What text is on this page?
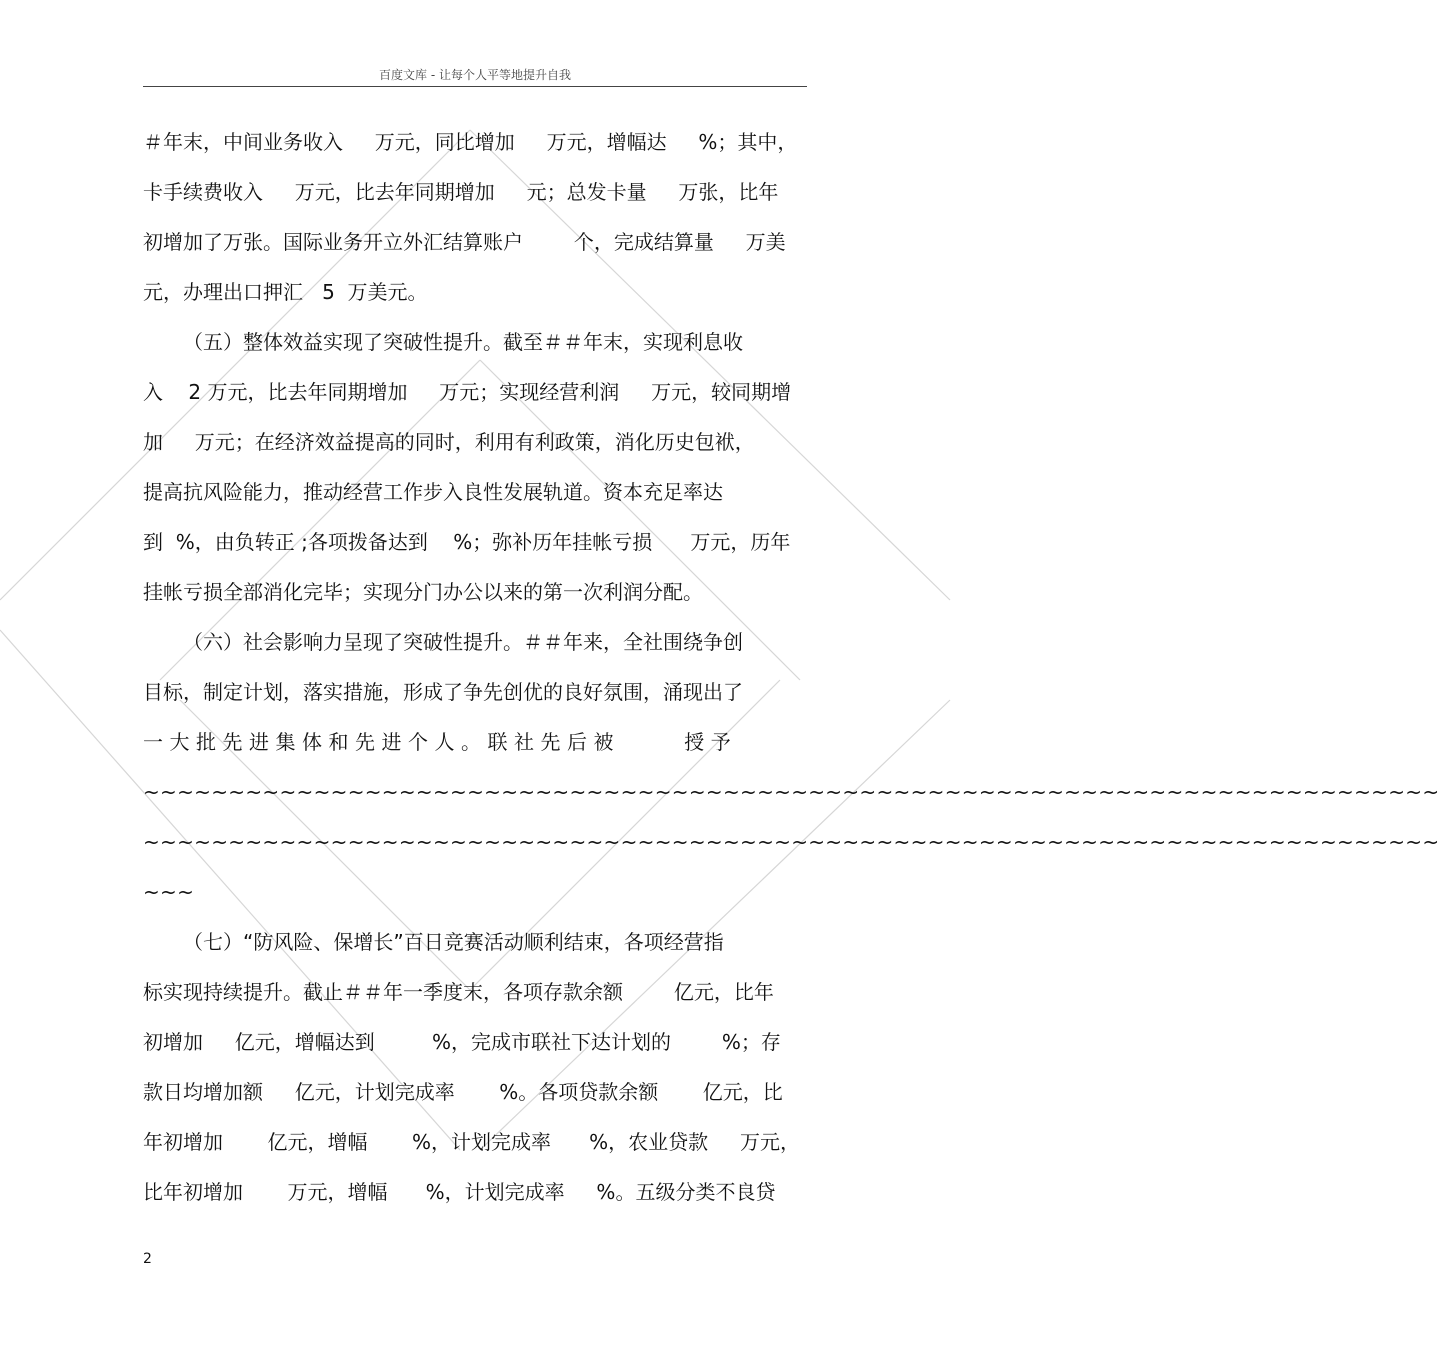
百度文库 - 让每个人平等地提升自我
＃年末，中间业务收入     万元，同比增加     万元，增幅达     %；其中，
卡手续费收入     万元，比去年同期增加     元；总发卡量     万张，比年
初增加了万张。国际业务开立外汇结算账户        个，完成结算量     万美
元，办理出口押汇   5  万美元。
（五）整体效益实现了突破性提升。截至＃＃年末，实现利息收
入    2 万元，比去年同期增加     万元；实现经营利润     万元，较同期增
加     万元；在经济效益提高的同时，利用有利政策，消化历史包袱，
提高抗风险能力，推动经营工作步入良性发展轨道。资本充足率达
到  %，由负转正 ;各项拨备达到    %；弥补历年挂帐亏损      万元，历年
挂帐亏损全部消化完毕；实现分门办公以来的第一次利润分配。
（六）社会影响力呈现了突破性提升。＃＃年来，全社围绕争创
目标，制定计划，落实措施，形成了争先创优的良好氛围，涌现出了
一大批先进集体和先进个人。联社先后被     授予
~~~~~~~~~~~~~~~~~~~~~~~~~~~~~~~~~~~~~~~~~~~~~~~~~~~~~~~~~~~~~~~~~~~~~~~~~~~~
~~~~~~~~~~~~~~~~~~~~~~~~~~~~~~~~~~~~~~~~~~~~~~~~~~~~~~~~~~~~~~~~~~~~~~~~~~~~
~~~
（七）“防风险、保增长”百日竞赛活动顺利结束，各项经营指
标实现持续提升。截止＃＃年一季度末，各项存款余额        亿元，比年
初增加     亿元，增幅达到         %，完成市联社下达计划的        %；存
款日均增加额     亿元，计划完成率       %。各项贷款余额       亿元，比
年初增加       亿元，增幅       %，计划完成率      %，农业贷款     万元，
比年初增加       万元，增幅      %，计划完成率     %。五级分类不良贷
2
